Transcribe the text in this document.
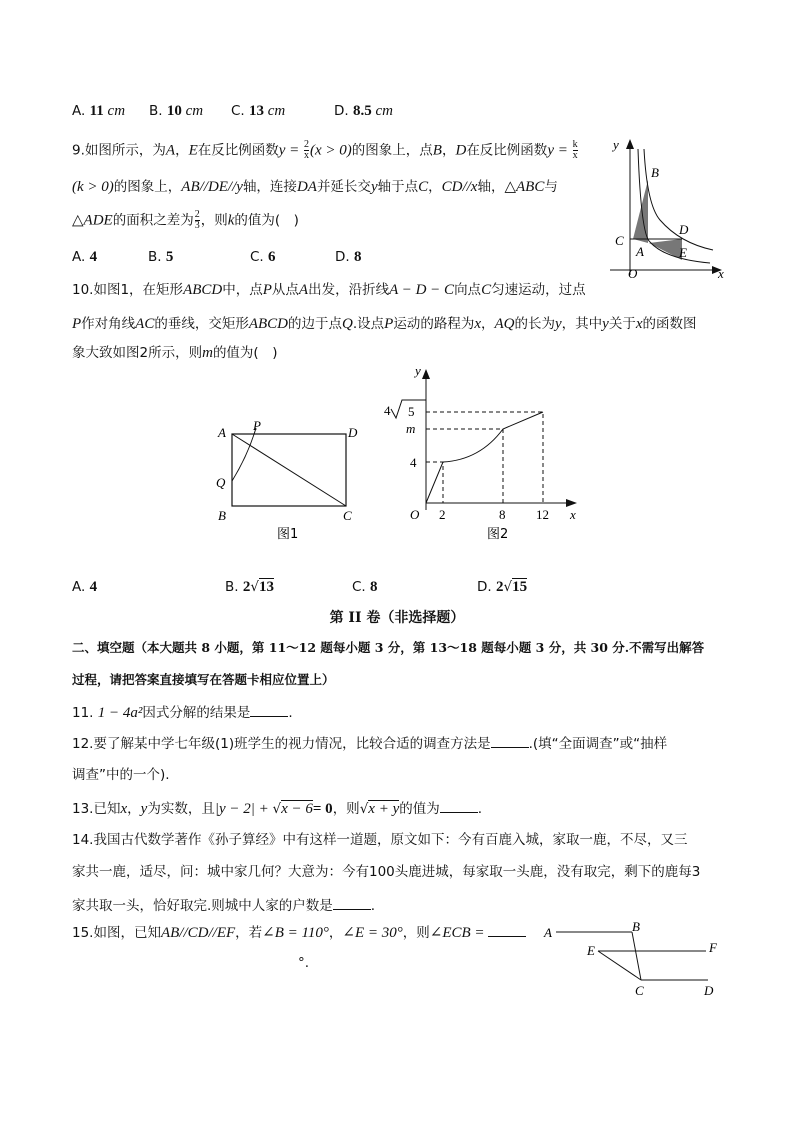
A. 11 cm B. 10 cm C. 13 cm	D. 8.5 cm
9.如图所示，为A，E在反比例函数$y = \frac{2}{x} (x > 0)$的图象上，点B，D在反比例函数$y = \frac{k}{x}$
(k > 0)的图象上，AB//DE//y轴，连接DA并延长交y轴于点C，CD//x轴，△ABC与
△ADE的面积之差为 $\frac{2}{3}$ ，则k的值为(　)
A. 4	B. 5	C. 6	D. 8
y
B
D
C
A	E
O	x
10.如图1，在矩形ABCD中，点P从点A出发，沿折线A − D − C向点C匀速运动，过点
P作对角线AC的垂线，交矩形ABCD的边于点Q.设点P运动的路程为x，AQ的长为y，其中y关于x的函数图
象大致如图2所示，则m的值为(　)
A P	D
Q
B	C
图1
y
4 5
m
4
O 2	8 12 x
图2
A. 4	B. 2√13	C. 8	D. 2√15
第 II 卷（非选择题）
二、填空题（本大题共 8 小题，第 11～12 题每小题 3 分，第 13～18 题每小题 3 分，共 30 分.不需写出解答
过程，请把答案直接填写在答题卡相应位置上）
11. 1 − 4a²因式分解的结果是	.
12.要了解某中学七年级(1)班学生的视力情况，比较合适的调查方法是	.(填“全面调查”或“抽样
调查”中的一个).
13.已知x，y为实数，且|y − 2| + √x − 6= 0，则√x + y的值为	.
14.我国古代数学著作《孙子算经》中有这样一道题，原文如下：今有百鹿入城，家取一鹿，不尽，又三
家共一鹿，适尽，问：城中家几何？大意为：今有100头鹿进城，每家取一头鹿，没有取完，剩下的鹿每3
家共取一头，恰好取完.则城中人家的户数是	.
15.如图，已知AB//CD//EF，若∠B = 110°，∠E = 30°，则∠ECB =
°.
A	B
E	F
C	D
